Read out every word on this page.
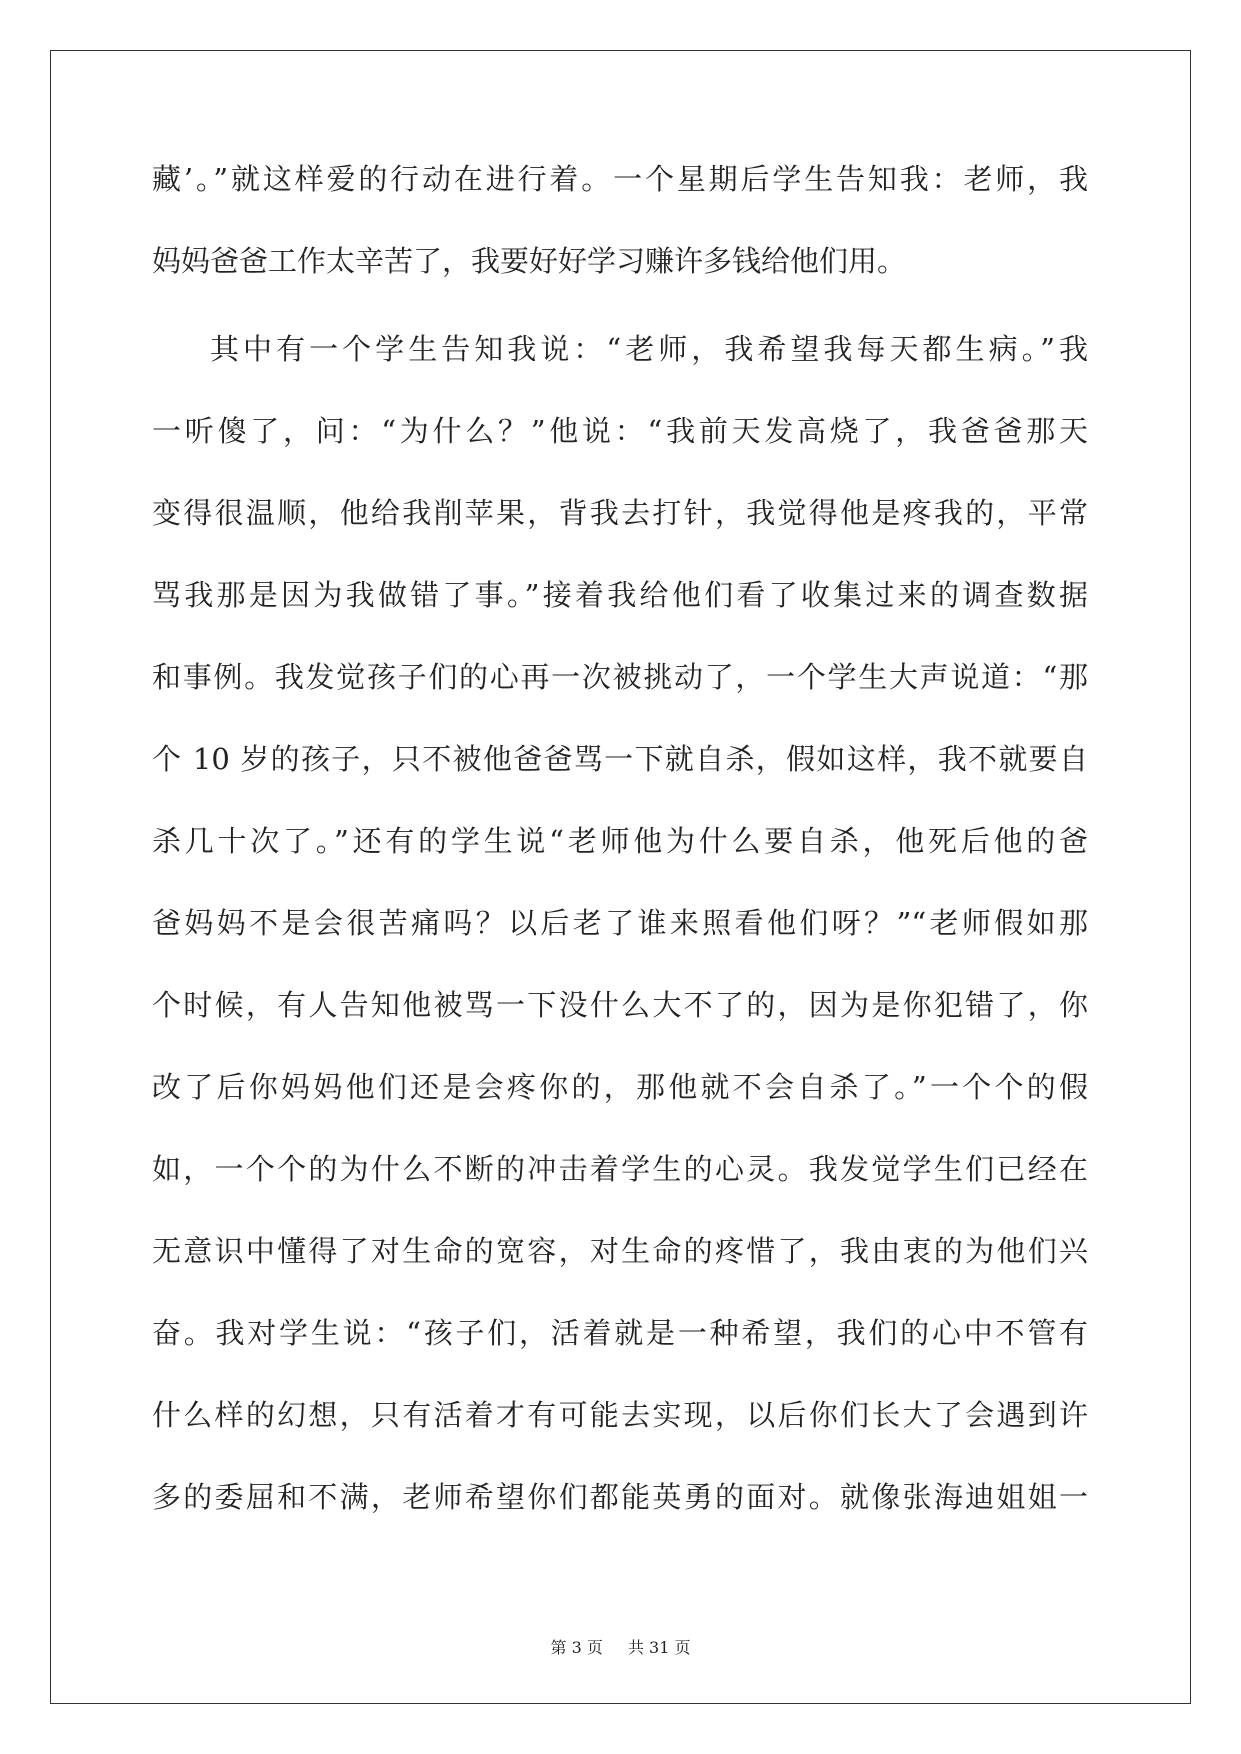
藏’。”就这样爱的行动在进行着。一个星期后学生告知我：老师，我
妈妈爸爸工作太辛苦了，我要好好学习赚许多钱给他们用。
其中有一个学生告知我说：“老师，我希望我每天都生病。”我
一听傻了，问：“为什么？”他说：“我前天发高烧了，我爸爸那天
变得很温顺，他给我削苹果，背我去打针，我觉得他是疼我的，平常
骂我那是因为我做错了事。”接着我给他们看了收集过来的调查数据
和事例。我发觉孩子们的心再一次被挑动了，一个学生大声说道：“那
个 10 岁的孩子，只不被他爸爸骂一下就自杀，假如这样，我不就要自
杀几十次了。”还有的学生说“老师他为什么要自杀，他死后他的爸
爸妈妈不是会很苦痛吗？以后老了谁来照看他们呀？”“老师假如那
个时候，有人告知他被骂一下没什么大不了的，因为是你犯错了，你
改了后你妈妈他们还是会疼你的，那他就不会自杀了。”一个个的假
如，一个个的为什么不断的冲击着学生的心灵。我发觉学生们已经在
无意识中懂得了对生命的宽容，对生命的疼惜了，我由衷的为他们兴
奋。我对学生说：“孩子们，活着就是一种希望，我们的心中不管有
什么样的幻想，只有活着才有可能去实现，以后你们长大了会遇到许
多的委屈和不满，老师希望你们都能英勇的面对。就像张海迪姐姐一
第 3 页 共 31 页
